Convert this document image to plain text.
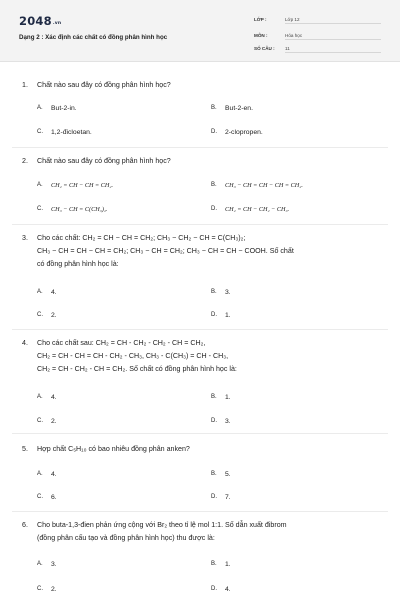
2048.vn
Dạng 2 : Xác định các chất có đồng phân hình học
LỚP :	Lớp 12
MÔN :	Hóa học
SỐ CÂU :	11
1. Chất nào sau đây có đồng phân hình học?
A. But-2-in.	B. But-2-en.
C. 1,2-đicloetan.	D. 2-clopropen.
2. Chất nào sau đây có đồng phân hình học?
A. CH₂ = CH − CH = CH₂.	B. CH₃ − CH = CH − CH = CH₂.
C. CH₃ − CH = C(CH₃)₂.	D. CH₂ = CH − CH₂ − CH₃.
3. Cho các chất: CH₂ = CH − CH = CH₂; CH₃ − CH₂ − CH = C(CH₃)₂;
CH₃ − CH = CH − CH = CH₂; CH₃ − CH = CH₂; CH₃ − CH = CH − COOH. Số chất
có đồng phân hình học là:
A. 4.	B. 3.
C. 2.	D. 1.
4. Cho các chất sau: CH₂ = CH - CH₂ - CH₂ - CH = CH₂,
CH₂ = CH - CH = CH - CH₂ - CH₃, CH₃ - C(CH₃) = CH - CH₃,
CH₂ = CH - CH₂ - CH = CH₂. Số chất có đồng phân hình học là:
A. 4.	B. 1.
C. 2.	D. 3.
5. Hợp chất C₅H₁₀ có bao nhiêu đồng phân anken?
A. 4.	B. 5.
C. 6.	D. 7.
6. Cho buta-1,3-đien phản ứng cộng với Br₂ theo tỉ lệ mol 1:1. Số dẫn xuất đibrom
(đồng phân cấu tạo và đồng phân hình học) thu được là:
A. 3.	B. 1.
C. 2.	D. 4.
